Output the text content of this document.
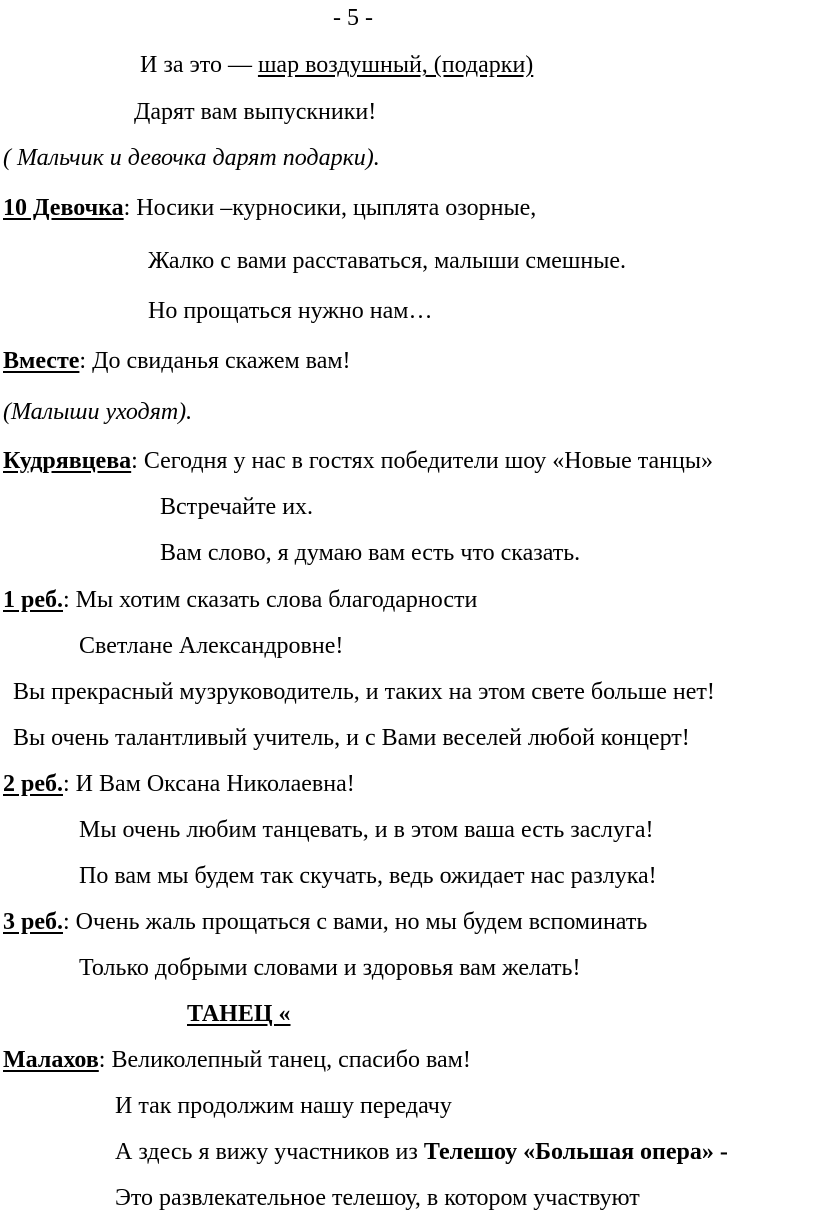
- 5 -
И за это — шар воздушный, (подарки)
Дарят вам выпускники!
( Мальчик и девочка дарят подарки).
10 Девочка: Носики –курносики, цыплята озорные,
Жалко с вами расставаться, малыши смешные.
Но прощаться нужно нам…
Вместе: До свиданья скажем вам!
(Малыши уходят).
Кудрявцева: Сегодня у нас в гостях победители шоу «Новые танцы»
Встречайте их.
Вам слово, я думаю вам есть что сказать.
1 реб.: Мы хотим сказать слова благодарности
Светлане Александровне!
Вы прекрасный музруководитель, и таких на этом свете больше нет!
Вы очень талантливый учитель, и с Вами веселей любой концерт!
2 реб.: И Вам Оксана Николаевна!
Мы очень любим танцевать, и в этом ваша есть заслуга!
По вам мы будем так скучать, ведь ожидает нас разлука!
3 реб.: Очень жаль прощаться с вами, но мы будем вспоминать
Только добрыми словами и здоровья вам желать!
ТАНЕЦ «
Малахов: Великолепный танец, спасибо вам!
И так продолжим нашу передачу
А здесь я вижу участников из Телешоу «Большая опера» -
Это развлекательное телешоу, в котором участвуют
